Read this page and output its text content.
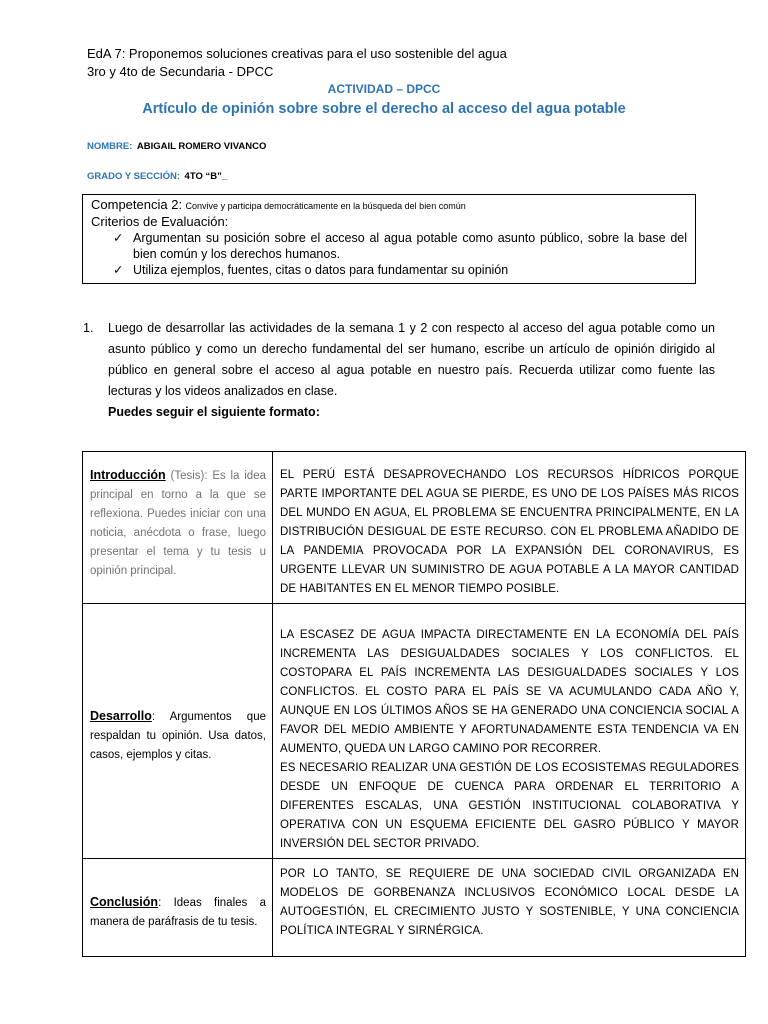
EdA 7: Proponemos soluciones creativas para el uso sostenible del agua
3ro y 4to de Secundaria - DPCC
ACTIVIDAD – DPCC
Artículo de opinión sobre sobre el derecho al acceso del agua potable
NOMBRE: ABIGAIL ROMERO VIVANCO
GRADO Y SECCIÓN: 4TO “B”_
Competencia 2: Convive y participa democráticamente en la búsqueda del bien común
Criterios de Evaluación:
✓ Argumentan su posición sobre el acceso al agua potable como asunto público, sobre la base del bien común y los derechos humanos.
✓ Utiliza ejemplos, fuentes, citas o datos para fundamentar su opinión
1. Luego de desarrollar las actividades de la semana 1 y 2 con respecto al acceso del agua potable como un asunto público y como un derecho fundamental del ser humano, escribe un artículo de opinión dirigido al público en general sobre el acceso al agua potable en nuestro país. Recuerda utilizar como fuente las lecturas y los videos analizados en clase.
Puedes seguir el siguiente formato:
Introducción (Tesis): Es la idea principal en torno a la que se reflexiona. Puedes iniciar con una noticia, anécdota o frase, luego presentar el tema y tu tesis u opinión principal.	EL PERÚ ESTÁ DESAPROVECHANDO LOS RECURSOS HÍDRICOS PORQUE PARTE IMPORTANTE DEL AGUA SE PIERDE, ES UNO DE LOS PAÍSES MÁS RICOS DEL MUNDO EN AGUA, EL PROBLEMA SE ENCUENTRA PRINCIPALMENTE, EN LA DISTRIBUCIÓN DESIGUAL DE ESTE RECURSO. CON EL PROBLEMA AÑADIDO DE LA PANDEMIA PROVOCADA POR LA EXPANSIÓN DEL CORONAVIRUS, ES URGENTE LLEVAR UN SUMINISTRO DE AGUA POTABLE A LA MAYOR CANTIDAD DE HABITANTES EN EL MENOR TIEMPO POSIBLE.
Desarrollo: Argumentos que respaldan tu opinión. Usa datos, casos, ejemplos y citas.	LA ESCASEZ DE AGUA IMPACTA DIRECTAMENTE EN LA ECONOMÍA DEL PAÍS INCREMENTA LAS DESIGUALDADES SOCIALES Y LOS CONFLICTOS. EL COSTOPARA EL PAÍS INCREMENTA LAS DESIGUALDADES SOCIALES Y LOS CONFLICTOS. EL COSTO PARA EL PAÍS SE VA ACUMULANDO CADA AÑO Y, AUNQUE EN LOS ÚLTIMOS AÑOS SE HA GENERADO UNA CONCIENCIA SOCIAL A FAVOR DEL MEDIO AMBIENTE Y AFORTUNADAMENTE ESTA TENDENCIA VA EN AUMENTO, QUEDA UN LARGO CAMINO POR RECORRER.
ES NECESARIO REALIZAR UNA GESTIÓN DE LOS ECOSISTEMAS REGULADORES DESDE UN ENFOQUE DE CUENCA PARA ORDENAR EL TERRITORIO A DIFERENTES ESCALAS, UNA GESTIÓN INSTITUCIONAL COLABORATIVA Y OPERATIVA CON UN ESQUEMA EFICIENTE DEL GASRO PÚBLICO Y MAYOR INVERSIÓN DEL SECTOR PRIVADO.

Conclusión: Ideas finales a manera de paráfrasis de tu tesis.	POR LO TANTO, SE REQUIERE DE UNA SOCIEDAD CIVIL ORGANIZADA EN MODELOS DE GORBENANZA INCLUSIVOS ECONÓMICO LOCAL DESDE LA AUTOGESTIÓN, EL CRECIMIENTO JUSTO Y SOSTENIBLE, Y UNA CONCIENCIA POLÍTICA INTEGRAL Y SIRNÉRGICA.
